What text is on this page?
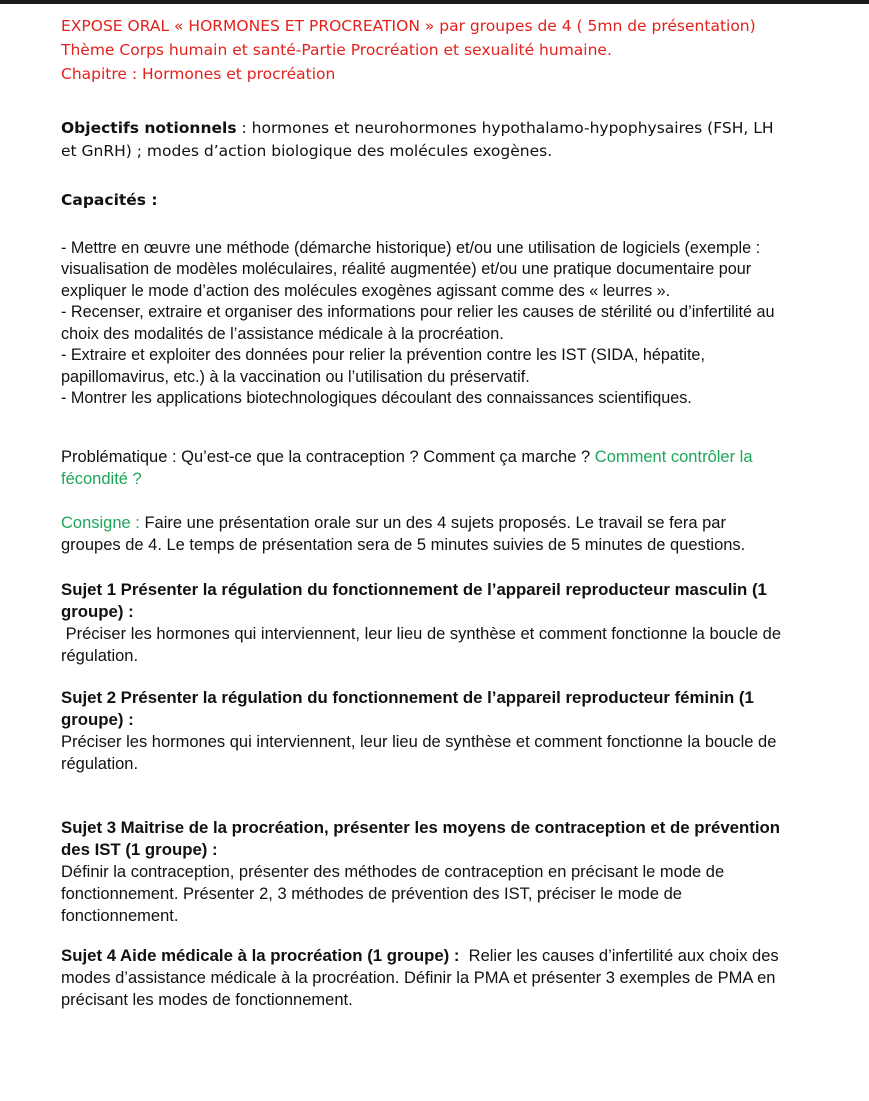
EXPOSE ORAL « HORMONES ET PROCREATION » par groupes de 4 ( 5mn de présentation)

Thème Corps humain et santé-Partie Procréation et sexualité humaine.

Chapitre : Hormones et procréation

Objectifs notionnels : hormones et neurohormones hypothalamo-hypophysaires (FSH, LH et GnRH) ; modes d’action biologique des molécules exogènes.
Capacités :

- Mettre en œuvre une méthode (démarche historique) et/ou une utilisation de logiciels (exemple : visualisation de modèles moléculaires, réalité augmentée) et/ou une pratique documentaire pour expliquer le mode d’action des molécules exogènes agissant comme des « leurres ».

- Recenser, extraire et organiser des informations pour relier les causes de stérilité ou d’infertilité au choix des modalités de l’assistance médicale à la procréation.

- Extraire et exploiter des données pour relier la prévention contre les IST (SIDA, hépatite, papillomavirus, etc.) à la vaccination ou l’utilisation du préservatif.

- Montrer les applications biotechnologiques découlant des connaissances scientifiques.

Problématique : Qu’est-ce que la contraception ? Comment ça marche ? Comment contrôler la fécondité ?
Consigne : Faire une présentation orale sur un des 4 sujets proposés. Le travail se fera par groupes de 4. Le temps de présentation sera de 5 minutes suivies de 5 minutes de questions.
Sujet 1 Présenter la régulation du fonctionnement de l’appareil reproducteur masculin (1 groupe) :
Préciser les hormones qui interviennent, leur lieu de synthèse et comment fonctionne la boucle de régulation.
Sujet 2 Présenter la régulation du fonctionnement de l’appareil reproducteur féminin (1 groupe) :
Préciser les hormones qui interviennent, leur lieu de synthèse et comment fonctionne la boucle de régulation.
Sujet 3 Maitrise de la procréation, présenter les moyens de contraception et de prévention des IST (1 groupe) :
Définir la contraception, présenter des méthodes de contraception en précisant le mode de fonctionnement. Présenter 2, 3 méthodes de prévention des IST, préciser le mode de fonctionnement.
Sujet 4 Aide médicale à la procréation (1 groupe) :  Relier les causes d’infertilité aux choix des modes d’assistance médicale à la procréation. Définir la PMA et présenter 3 exemples de PMA en précisant les modes de fonctionnement.
